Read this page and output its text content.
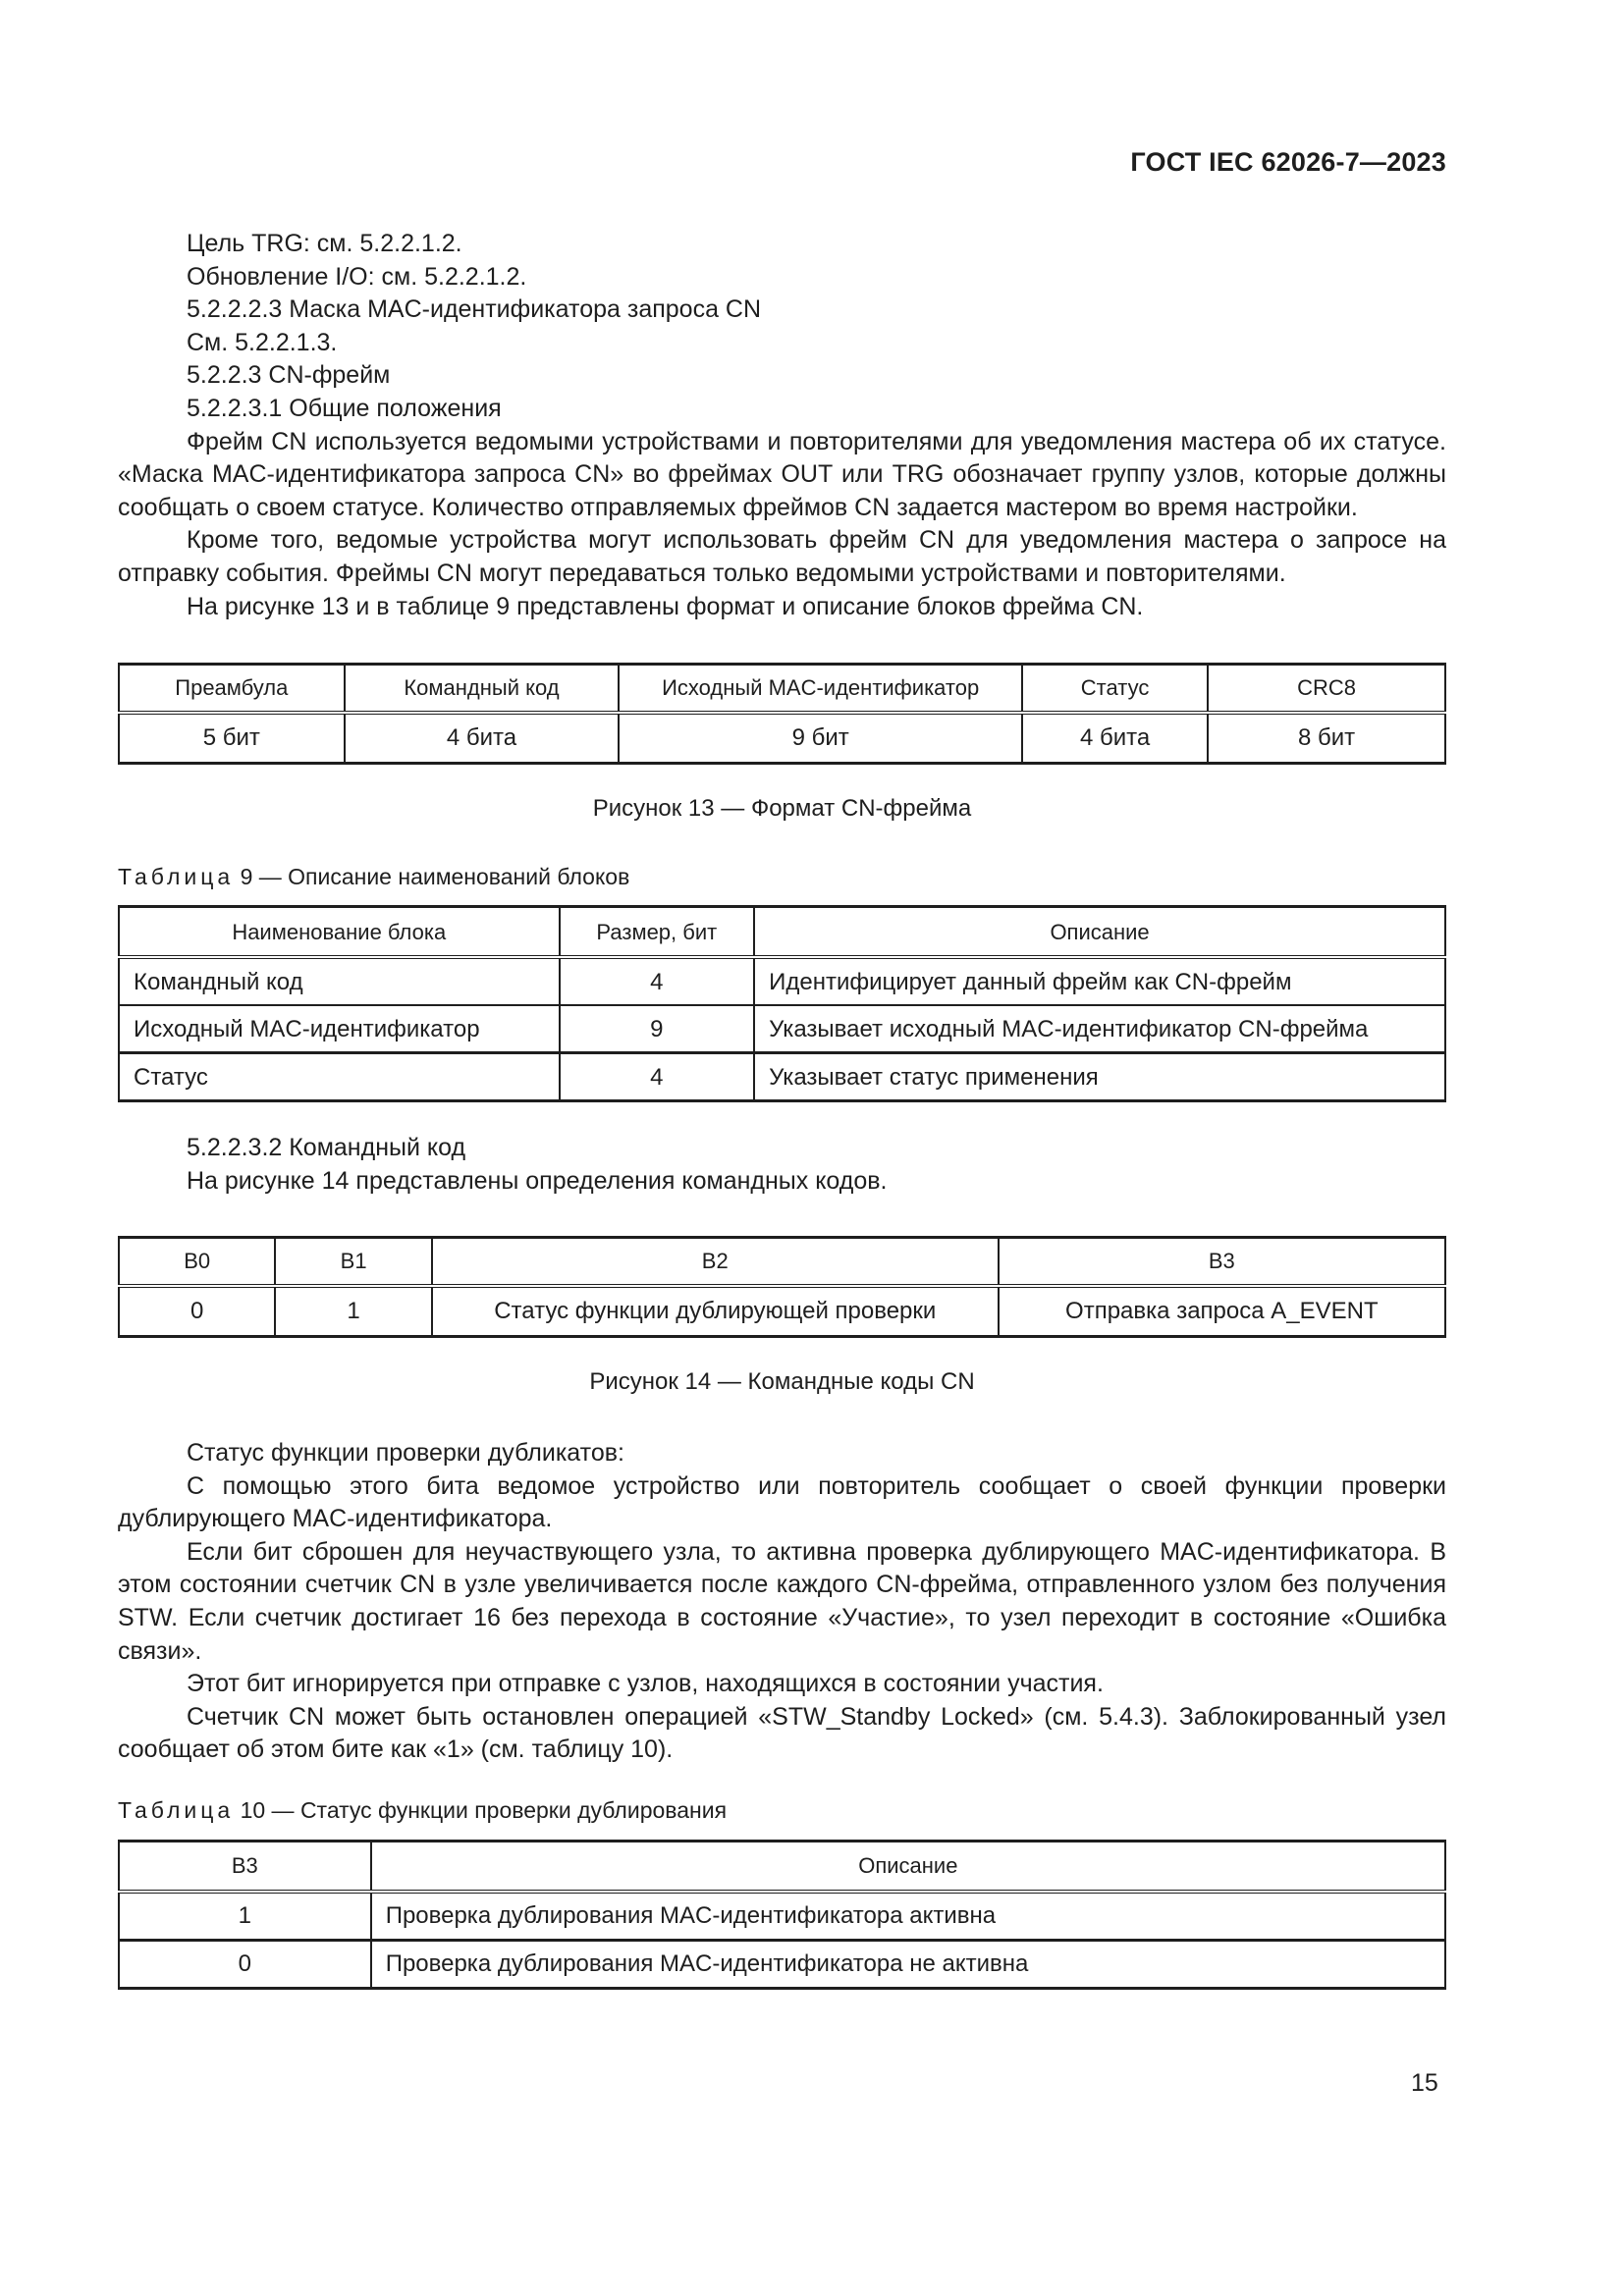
ГОСТ IEC 62026-7—2023

Цель TRG: см. 5.2.2.1.2.

Обновление I/O: см. 5.2.2.1.2.

5.2.2.2.3 Маска MAC-идентификатора запроса CN

См. 5.2.2.1.3.

5.2.2.3 CN-фрейм

5.2.2.3.1 Общие положения

Фрейм CN используется ведомыми устройствами и повторителями для уведомления мастера об их статусе. «Маска MAC-идентификатора запроса CN» во фреймах OUT или TRG обозначает группу узлов, которые должны сообщать о своем статусе. Количество отправляемых фреймов CN задается мастером во время настройки.

Кроме того, ведомые устройства могут использовать фрейм CN для уведомления мастера о запросе на отправку события. Фреймы CN могут передаваться только ведомыми устройствами и повторителями.

На рисунке 13 и в таблице 9 представлены формат и описание блоков фрейма CN.

Преамбула	Командный код	Исходный MAC-идентификатор	Статус	CRC8
5 бит	4 бита	9 бит	4 бита	8 бит
Рисунок 13 — Формат CN-фрейма
Таблица 9 — Описание наименований блоков
Наименование блока	Размер, бит	Описание
Командный код	4	Идентифицирует данный фрейм как CN-фрейм
Исходный MAC-идентификатор	9	Указывает исходный MAC-идентификатор CN-фрейма
Статус	4	Указывает статус применения

5.2.2.3.2 Командный код

На рисунке 14 представлены определения командных кодов.

B0	B1	B2	B3
0	1	Статус функции дублирующей проверки	Отправка запроса A_EVENT
Рисунок 14 — Командные коды CN

Статус функции проверки дубликатов:

С помощью этого бита ведомое устройство или повторитель сообщает о своей функции проверки дублирующего MAC-идентификатора.

Если бит сброшен для неучаствующего узла, то активна проверка дублирующего MAC-идентификатора. В этом состоянии счетчик CN в узле увеличивается после каждого CN-фрейма, отправленного узлом без получения STW. Если счетчик достигает 16 без перехода в состояние «Участие», то узел переходит в состояние «Ошибка связи».

Этот бит игнорируется при отправке с узлов, находящихся в состоянии участия.

Счетчик CN может быть остановлен операцией «STW_Standby Locked» (см. 5.4.3). Заблокированный узел сообщает об этом бите как «1» (см. таблицу 10).

Таблица 10 — Статус функции проверки дублирования
B3	Описание
1	Проверка дублирования MAC-идентификатора активна
0	Проверка дублирования MAC-идентификатора не активна
15
